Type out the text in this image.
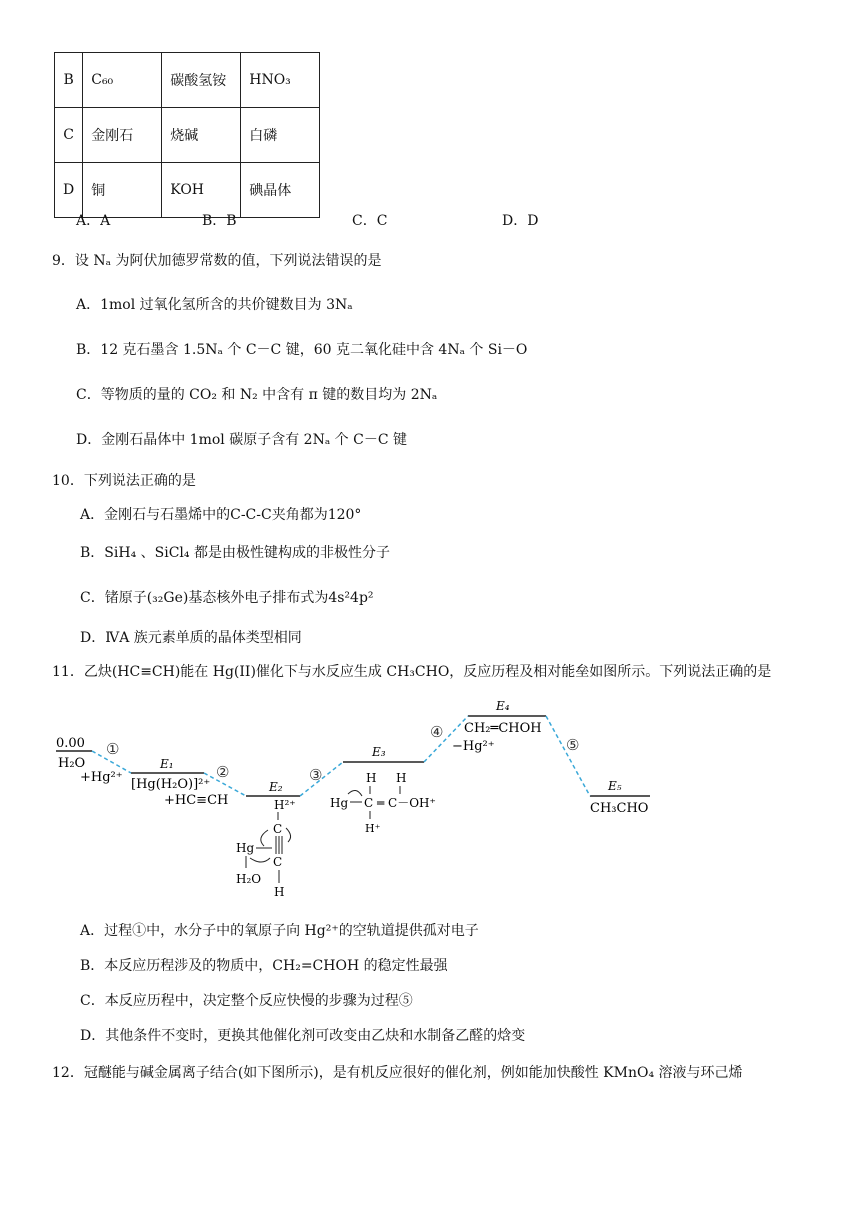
B	C₆₀	碳酸氢铵	HNO₃
C	金刚石	烧碱	白磷
D	铜	KOH	碘晶体
A．A	B．B	C．C	D．D
9．设 Nₐ 为阿伏加德罗常数的值，下列说法错误的是
A．1mol 过氧化氢所含的共价键数目为 3Nₐ
B．12 克石墨含 1.5Nₐ 个 C－C 键，60 克二氧化硅中含 4Nₐ 个 Si－O
C．等物质的量的 CO₂ 和 N₂ 中含有 π 键的数目均为 2Nₐ
D．金刚石晶体中 1mol 碳原子含有 2Nₐ 个 C－C 键
10．下列说法正确的是
A．金刚石与石墨烯中的C-C-C夹角都为120°
B．SiH₄ 、SiCl₄ 都是由极性键构成的非极性分子
C．锗原子(₃₂Ge)基态核外电子排布式为4s²4p²
D．ⅣA 族元素单质的晶体类型相同
11．乙炔(HC≡CH)能在 Hg(II)催化下与水反应生成 CH₃CHO，反应历程及相对能垒如图所示。下列说法正确的是
①
②	③
④
⑤
0.00
H₂O
+Hg²⁺
E₁
[Hg(H₂O)]²⁺
+HC≡CH
E₂
H²⁺
C
C
Hg
H₂O
H
E₃
H H
Hg C ═ C－OH⁺
H⁺
E₄
CH₂═CHOH
−Hg²⁺
E₅
CH₃CHO
A．过程①中，水分子中的氧原子向 Hg²⁺的空轨道提供孤对电子
B．本反应历程涉及的物质中，CH₂=CHOH 的稳定性最强
C．本反应历程中，决定整个反应快慢的步骤为过程⑤
D．其他条件不变时，更换其他催化剂可改变由乙炔和水制备乙醛的焓变
12．冠醚能与碱金属离子结合(如下图所示)，是有机反应很好的催化剂，例如能加快酸性 KMnO₄ 溶液与环己烯
